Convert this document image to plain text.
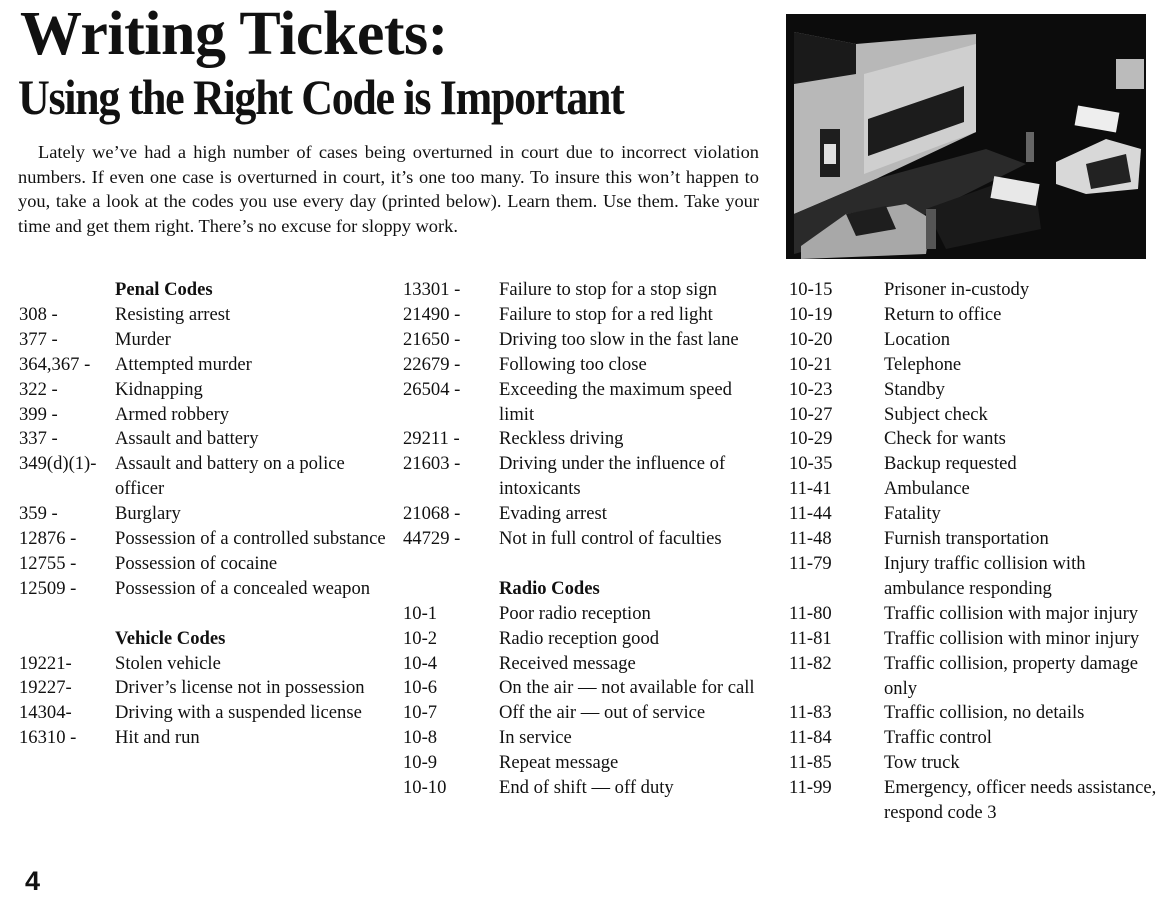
Writing Tickets:
Using the Right Code is Important

Lately we’ve had a high number of cases being overturned in court due to incorrect violation numbers. If even one case is overturned in court, it’s one too many. To insure this won’t happen to you, take a look at the codes you use every day (printed below). Learn them. Use them. Take your time and get them right. There’s no excuse for sloppy work.

Penal Codes
308 -	Resisting arrest
377 -	Murder
364,367 -	Attempted murder
322 -	Kidnapping
399 -	Armed robbery
337 -	Assault and battery
349(d)(1)- Assault and battery on a police officer
359 -	Burglary
12876 -	Possession of a controlled substance
12755 -	Possession of cocaine
12509 -	Possession of a concealed weapon
Vehicle Codes
19221-	Stolen vehicle
19227-	Driver’s license not in possession
14304-	Driving with a suspended license
16310 -	Hit and run
13301 -	Failure to stop for a stop sign
21490 -	Failure to stop for a red light
21650 -	Driving too slow in the fast lane
22679 -	Following too close
26504 -	Exceeding the maximum speed limit
29211 -	Reckless driving
21603 -	Driving under the influence of intoxicants
21068 -	Evading arrest
44729 -	Not in full control of faculties
Radio Codes
10-1	Poor radio reception
10-2	Radio reception good
10-4	Received message
10-6	On the air — not available for call
10-7	Off the air — out of service
10-8	In service
10-9	Repeat message
10-10	End of shift — off duty
10-15	Prisoner in-custody
10-19	Return to office
10-20	Location
10-21	Telephone
10-23	Standby
10-27	Subject check
10-29	Check for wants
10-35	Backup requested
11-41	Ambulance
11-44	Fatality
11-48	Furnish transportation
11-79	Injury traffic collision with ambulance responding
11-80	Traffic collision with major injury
11-81	Traffic collision with minor injury
11-82	Traffic collision, property damage only
11-83	Traffic collision, no details
11-84	Traffic control
11-85	Tow truck
11-99	Emergency, officer needs assistance, respond code 3
4
